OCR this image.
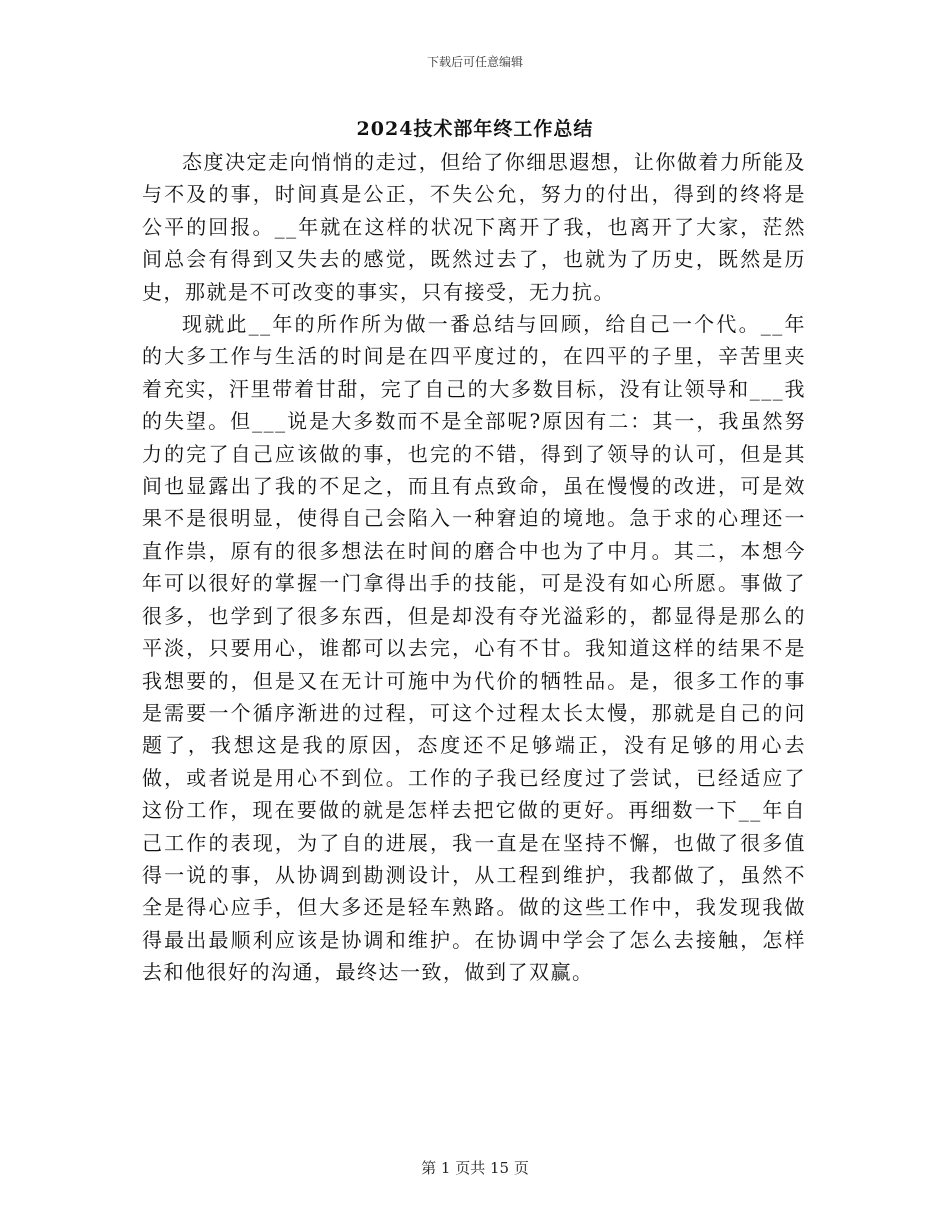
下载后可任意编辑
2024技术部年终工作总结

态度决定走向悄悄的走过，但给了你细思遐想，让你做着力所能及与不及的事，时间真是公正，不失公允，努力的付出，得到的终将是公平的回报。__年就在这样的状况下离开了我，也离开了大家，茫然间总会有得到又失去的感觉，既然过去了，也就为了历史，既然是历史，那就是不可改变的事实，只有接受，无力抗。

现就此__年的所作所为做一番总结与回顾，给自己一个代。__年的大多工作与生活的时间是在四平度过的，在四平的子里，辛苦里夹着充实，汗里带着甘甜，完了自己的大多数目标，没有让领导和___我的失望。但___说是大多数而不是全部呢?原因有二：其一，我虽然努力的完了自己应该做的事，也完的不错，得到了领导的认可，但是其间也显露出了我的不足之，而且有点致命，虽在慢慢的改进，可是效果不是很明显，使得自己会陷入一种窘迫的境地。急于求的心理还一直作祟，原有的很多想法在时间的磨合中也为了中月。其二，本想今年可以很好的掌握一门拿得出手的技能，可是没有如心所愿。事做了很多，也学到了很多东西，但是却没有夺光溢彩的，都显得是那么的平淡，只要用心，谁都可以去完，心有不甘。我知道这样的结果不是我想要的，但是又在无计可施中为代价的牺牲品。是，很多工作的事是需要一个循序渐进的过程，可这个过程太长太慢，那就是自己的问题了，我想这是我的原因，态度还不足够端正，没有足够的用心去做，或者说是用心不到位。工作的子我已经度过了尝试，已经适应了这份工作，现在要做的就是怎样去把它做的更好。再细数一下__年自己工作的表现，为了自的进展，我一直是在坚持不懈，也做了很多值得一说的事，从协调到勘测设计，从工程到维护，我都做了，虽然不全是得心应手，但大多还是轻车熟路。做的这些工作中，我发现我做得最出最顺利应该是协调和维护。在协调中学会了怎么去接触，怎样去和他很好的沟通，最终达一致，做到了双赢。

第 1 页共 15 页
